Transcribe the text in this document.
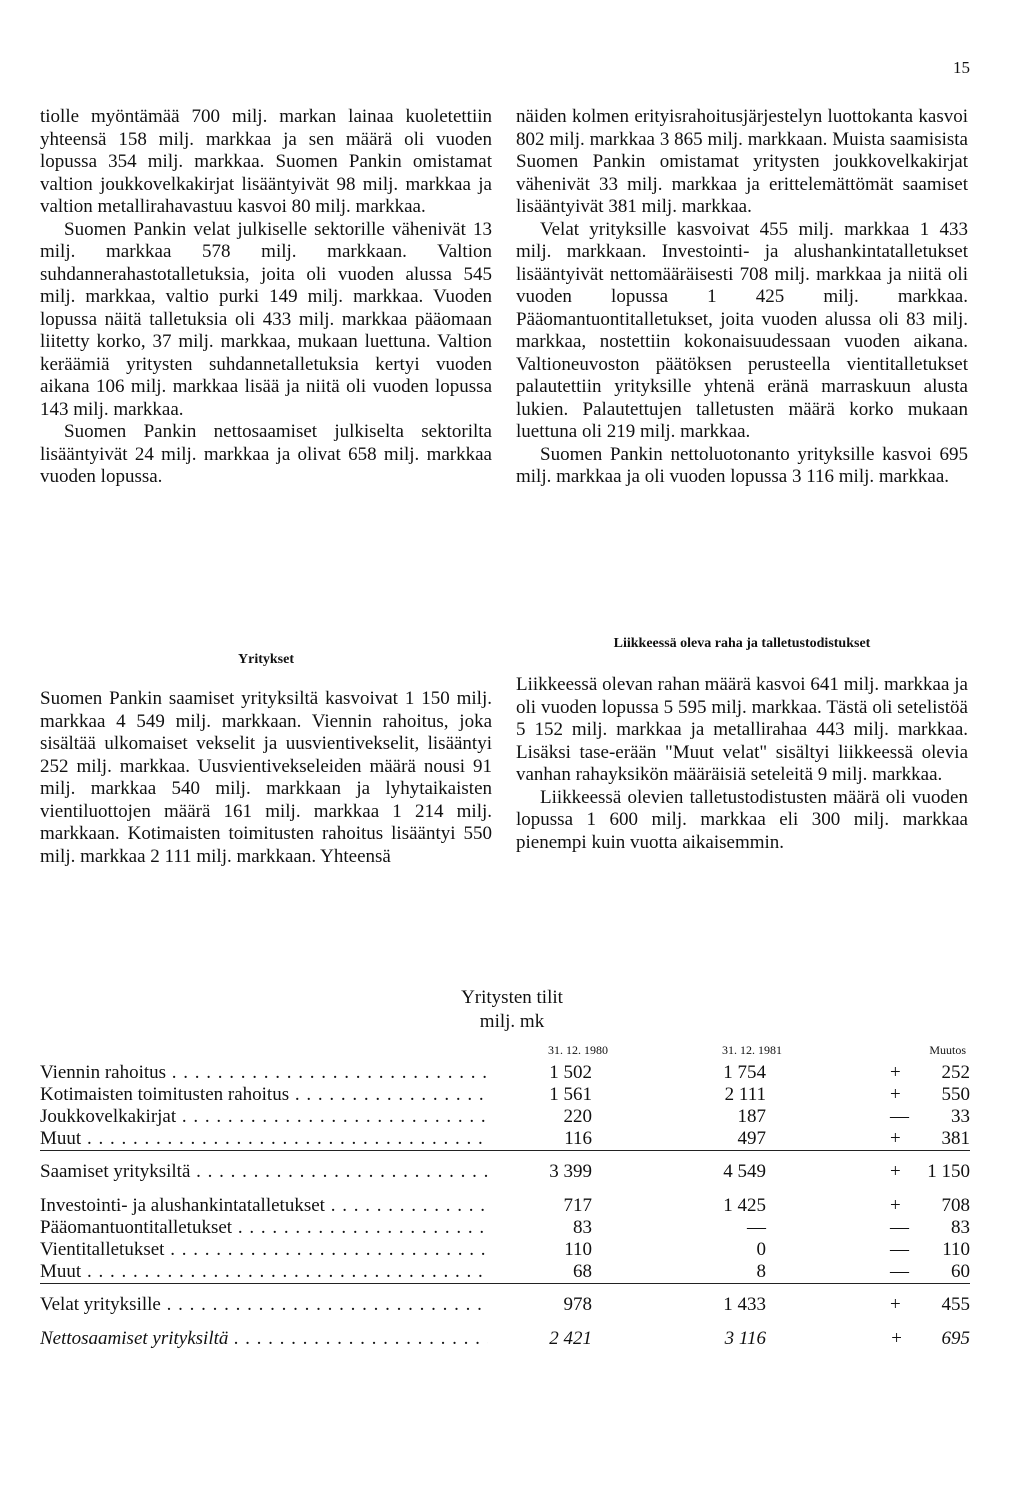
15

tiolle myöntämää 700 milj. markan lainaa kuoletettiin yhteensä 158 milj. markkaa ja sen määrä oli vuoden lopussa 354 milj. markkaa. Suomen Pankin omistamat valtion joukkovelkakirjat lisääntyivät 98 milj. markkaa ja valtion metallirahavastuu kasvoi 80 milj. markkaa.

Suomen Pankin velat julkiselle sektorille vähenivät 13 milj. markkaa 578 milj. markkaan. Valtion suhdannerahastotalletuksia, joita oli vuoden alussa 545 milj. markkaa, valtio purki 149 milj. markkaa. Vuoden lopussa näitä talletuksia oli 433 milj. markkaa pääomaan liitetty korko, 37 milj. markkaa, mukaan luettuna. Valtion keräämiä yritysten suhdannetalletuksia kertyi vuoden aikana 106 milj. markkaa lisää ja niitä oli vuoden lopussa 143 milj. markkaa.

Suomen Pankin nettosaamiset julkiselta sektorilta lisääntyivät 24 milj. markkaa ja olivat 658 milj. markkaa vuoden lopussa.

näiden kolmen erityisrahoitusjärjestelyn luottokanta kasvoi 802 milj. markkaa 3 865 milj. markkaan. Muista saamisista Suomen Pankin omistamat yritysten joukkovelkakirjat vähenivät 33 milj. markkaa ja erittelemättömät saamiset lisääntyivät 381 milj. markkaa.

Velat yrityksille kasvoivat 455 milj. markkaa 1 433 milj. markkaan. Investointi- ja alushankintatalletukset lisääntyivät nettomääräisesti 708 milj. markkaa ja niitä oli vuoden lopussa 1 425 milj. markkaa. Pääomantuontitalletukset, joita vuoden alussa oli 83 milj. markkaa, nostettiin kokonaisuudessaan vuoden aikana. Valtioneuvoston päätöksen perusteella vientitalletukset palautettiin yrityksille yhtenä eränä marraskuun alusta lukien. Palautettujen talletusten määrä korko mukaan luettuna oli 219 milj. markkaa.

Suomen Pankin nettoluotonanto yrityksille kasvoi 695 milj. markkaa ja oli vuoden lopussa 3 116 milj. markkaa.

Yritykset

Suomen Pankin saamiset yrityksiltä kasvoivat 1 150 milj. markkaa 4 549 milj. markkaan. Viennin rahoitus, joka sisältää ulkomaiset vekselit ja uusvientivekselit, lisääntyi 252 milj. markkaa. Uusvientivekseleiden määrä nousi 91 milj. markkaa 540 milj. markkaan ja lyhytaikaisten vientiluottojen määrä 161 milj. markkaa 1 214 milj. markkaan. Kotimaisten toimitusten rahoitus lisääntyi 550 milj. markkaa 2 111 milj. markkaan. Yhteensä

Liikkeessä oleva raha ja talletustodistukset

Liikkeessä olevan rahan määrä kasvoi 641 milj. markkaa ja oli vuoden lopussa 5 595 milj. markkaa. Tästä oli setelistöä 5 152 milj. markkaa ja metallirahaa 443 milj. markkaa. Lisäksi tase-erään "Muut velat" sisältyi liikkeessä olevia vanhan rahayksikön määräisiä seteleitä 9 milj. markkaa.

Liikkeessä olevien talletustodistusten määrä oli vuoden lopussa 1 600 milj. markkaa eli 300 milj. markkaa pienempi kuin vuotta aikaisemmin.

Yritysten tilit
milj. mk
	31. 12. 1980	31. 12. 1981	Muutos
Viennin rahoitus . . .	1 502	1 754	+ 252
Kotimaisten toimitusten rahoitus . . .	1 561	2 111	+ 550
Joukkovelkakirjat . . .	220	187	— 33
Muut . . .	116	497	+ 381

Saamiset yrityksiltä . . .	3 399	4 549	+ 1 150

Investointi- ja alushankintatalletukset . . .	717	1 425	+ 708
Pääomantuontitalletukset . . .	83	—	— 83
Vientitalletukset . . .	110	0	— 110
Muut . . .	68	8	— 60

Velat yrityksille . . .	978	1 433	+ 455

Nettosaamiset yrityksiltä . . .	2 421	3 116	+ 695
